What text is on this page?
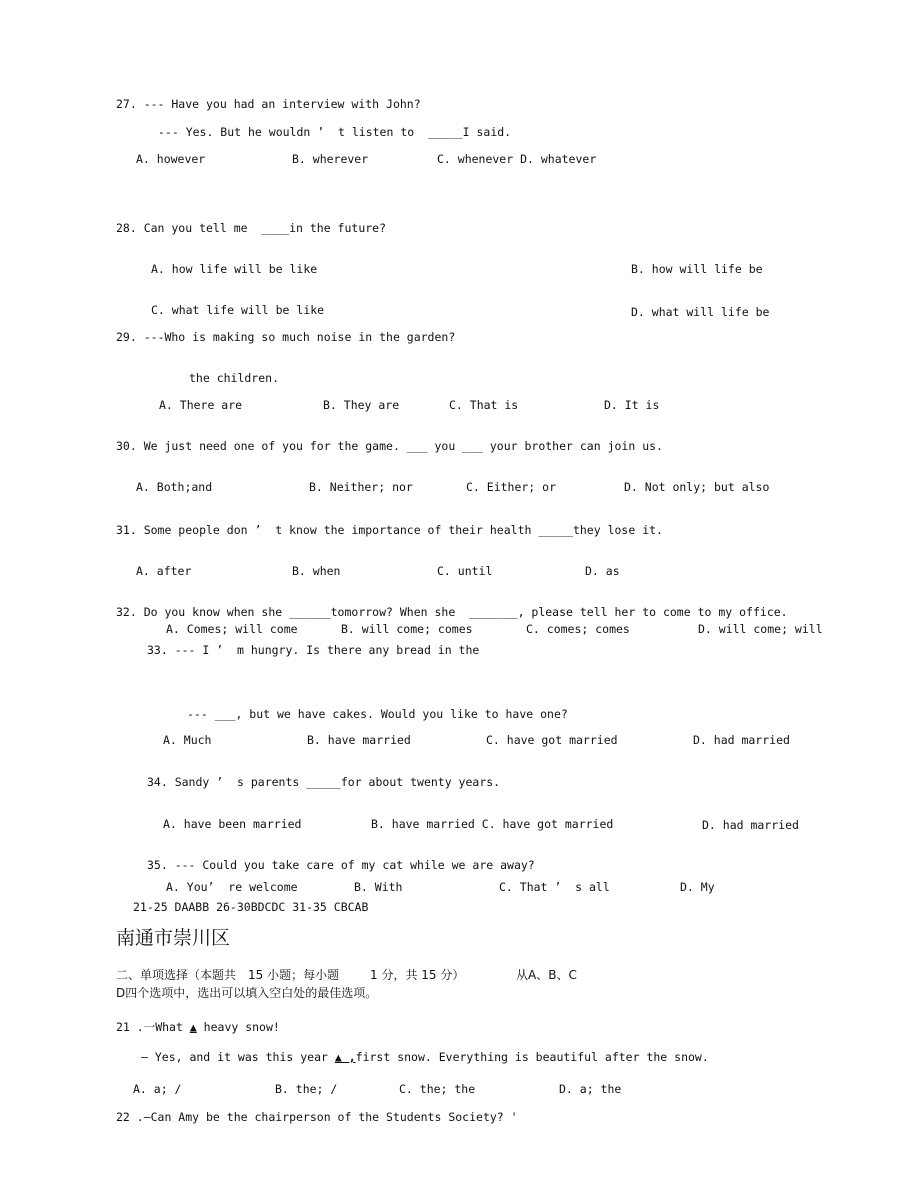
27. --- Have you had an interview with John?
--- Yes. But he wouldn ’  t listen to  _____I said.
A. however	B. wherever	C. whenever D. whatever
28. Can you tell me  ____in the future?
A. how life will be like	B. how will life be
C. what life will be like	D. what will life be
29. ---Who is making so much noise in the garden?
the children.
A. There are	B. They are	C. That is	D. It is
30. We just need one of you for the game. ___ you ___ your brother can join us.
A. Both;and	B. Neither; nor	C. Either; or	D. Not only; but also
31. Some people don ’  t know the importance of their health _____they lose it.
A. after	B. when	C. until	D. as
32. Do you know when she ______tomorrow? When she  _______, please tell her to come to my office.
A. Comes; will come	B. will come; comes	C. comes; comes	D. will come; will
33. --- I ’  m hungry. Is there any bread in the
--- ___, but we have cakes. Would you like to have one?
A. Much	B. have married	C. have got married	D. had married
34. Sandy ’  s parents _____for about twenty years.
A. have been married	B. have married C. have got married	D. had married
35. --- Could you take care of my cat while we are away?
A. You’  re welcome	B. With	C. That ’  s all	D. My
21-25 DAABB 26-30BDCDC 31-35 CBCAB
南通市崇川区
二、单项选择（本题共 15 小题；每小题	1 分，共 15 分）	从A、B、C
D四个选项中，选出可以填入空白处的最佳选项。
21 .一What ▲ heavy snow!
— Yes, and it was this year ▲ ,first snow. Everything is beautiful after the snow.
A. a; /	B. the; /	C. the; the	D. a; the
22 .—Can Amy be the chairperson of the Students Society? '
